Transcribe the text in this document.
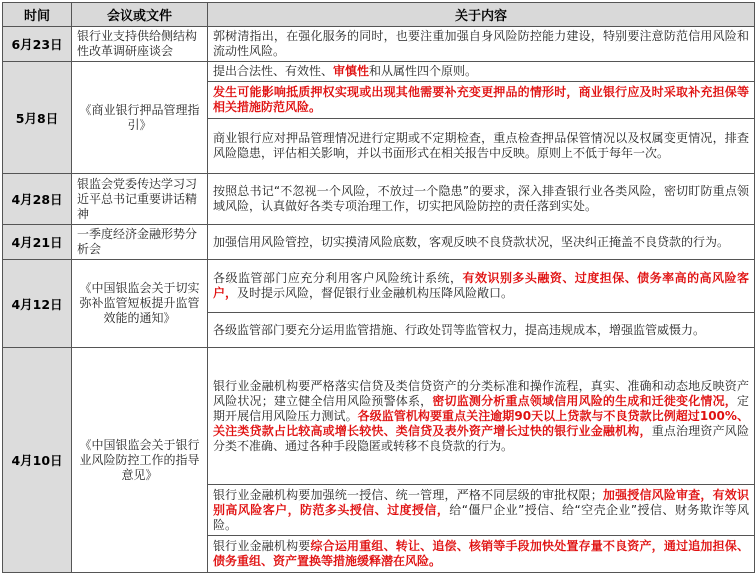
时间	会议或文件	关于内容
6月23日	银行业支持供给侧结构性改革调研座谈会	郭树清指出，在强化服务的同时，也要注重加强自身风险防控能力建设，特别要注意防范信用风险和流动性风险。
5月8日	《商业银行押品管理指引》	提出合法性、有效性、审慎性和从属性四个原则。
		发生可能影响抵质押权实现或出现其他需要补充变更押品的情形时，商业银行应及时采取补充担保等相关措施防范风险。
		商业银行应对押品管理情况进行定期或不定期检查，重点检查押品保管情况以及权属变更情况，排查风险隐患，评估相关影响，并以书面形式在相关报告中反映。原则上不低于每年一次。
4月28日	银监会党委传达学习习近平总书记重要讲话精神	按照总书记“不忽视一个风险，不放过一个隐患”的要求，深入排查银行业各类风险，密切盯防重点领域风险，认真做好各类专项治理工作，切实把风险防控的责任落到实处。
4月21日	一季度经济金融形势分析会	加强信用风险管控，切实摸清风险底数，客观反映不良贷款状况，坚决纠正掩盖不良贷款的行为。
4月12日	《中国银监会关于切实弥补监管短板提升监管效能的通知》	各级监管部门应充分利用客户风险统计系统，有效识别多头融资、过度担保、债务率高的高风险客户，及时提示风险，督促银行业金融机构压降风险敞口。
		各级监管部门要充分运用监管措施、行政处罚等监管权力，提高违规成本，增强监管威慑力。
4月10日	《中国银监会关于银行业风险防控工作的指导意见》	银行业金融机构要严格落实信贷及类信贷资产的分类标准和操作流程，真实、准确和动态地反映资产风险状况；建立健全信用风险预警体系，密切监测分析重点领域信用风险的生成和迁徙变化情况，定期开展信用风险压力测试。各级监管机构要重点关注逾期90天以上贷款与不良贷款比例超过100%、关注类贷款占比较高或增长较快、类信贷及表外资产增长过快的银行业金融机构，重点治理资产风险分类不准确、通过各种手段隐匿或转移不良贷款的行为。
		银行业金融机构要加强统一授信、统一管理，严格不同层级的审批权限；加强授信风险审查，有效识别高风险客户，防范多头授信、过度授信，给“僵尸企业”授信、给“空壳企业”授信、财务欺诈等风险。
		银行业金融机构要综合运用重组、转让、追偿、核销等手段加快处置存量不良资产，通过追加担保、债务重组、资产置换等措施缓释潜在风险。
